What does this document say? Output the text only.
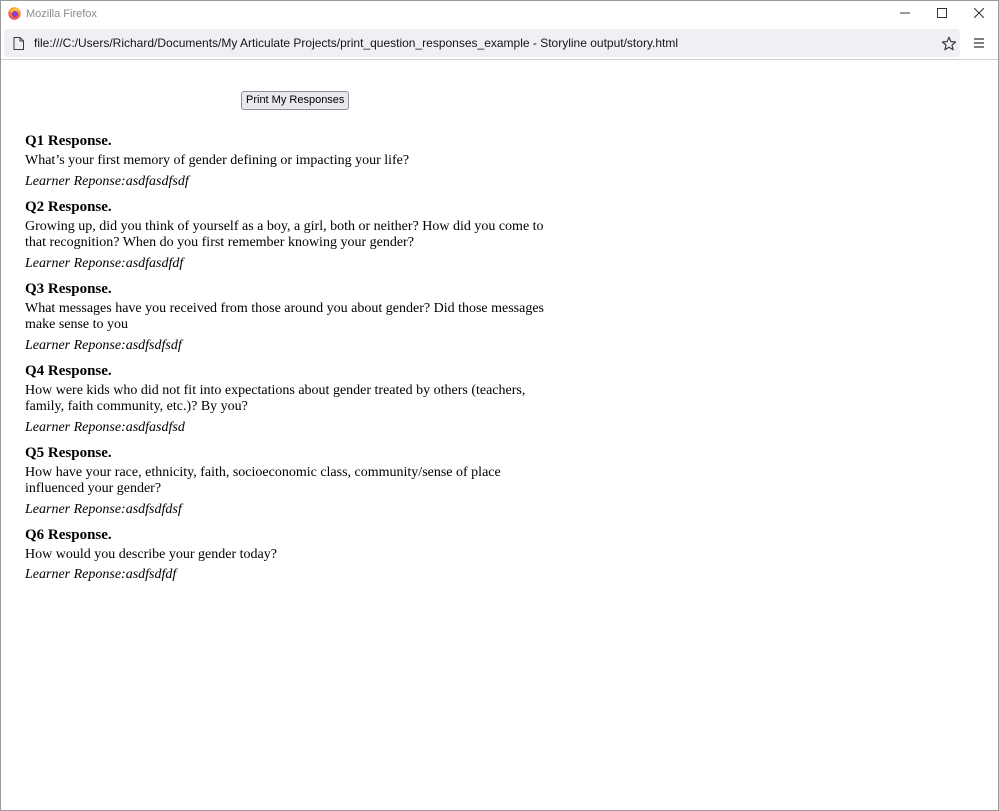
Mozilla Firefox
file:///C:/Users/Richard/Documents/My Articulate Projects/print_question_responses_example - Storyline output/story.html
Print My Responses
Q1 Response.
What’s your first memory of gender defining or impacting your life?
Learner Reponse:asdfasdfsdf
Q2 Response.
Growing up, did you think of yourself as a boy, a girl, both or neither? How did you come to that recognition? When do you first remember knowing your gender?
Learner Reponse:asdfasdfdf
Q3 Response.
What messages have you received from those around you about gender? Did those messages make sense to you
Learner Reponse:asdfsdfsdf
Q4 Response.
How were kids who did not fit into expectations about gender treated by others (teachers, family, faith community, etc.)? By you?
Learner Reponse:asdfasdfsd
Q5 Response.
How have your race, ethnicity, faith, socioeconomic class, community/sense of place influenced your gender?
Learner Reponse:asdfsdfdsf
Q6 Response.
How would you describe your gender today?
Learner Reponse:asdfsdfdf
